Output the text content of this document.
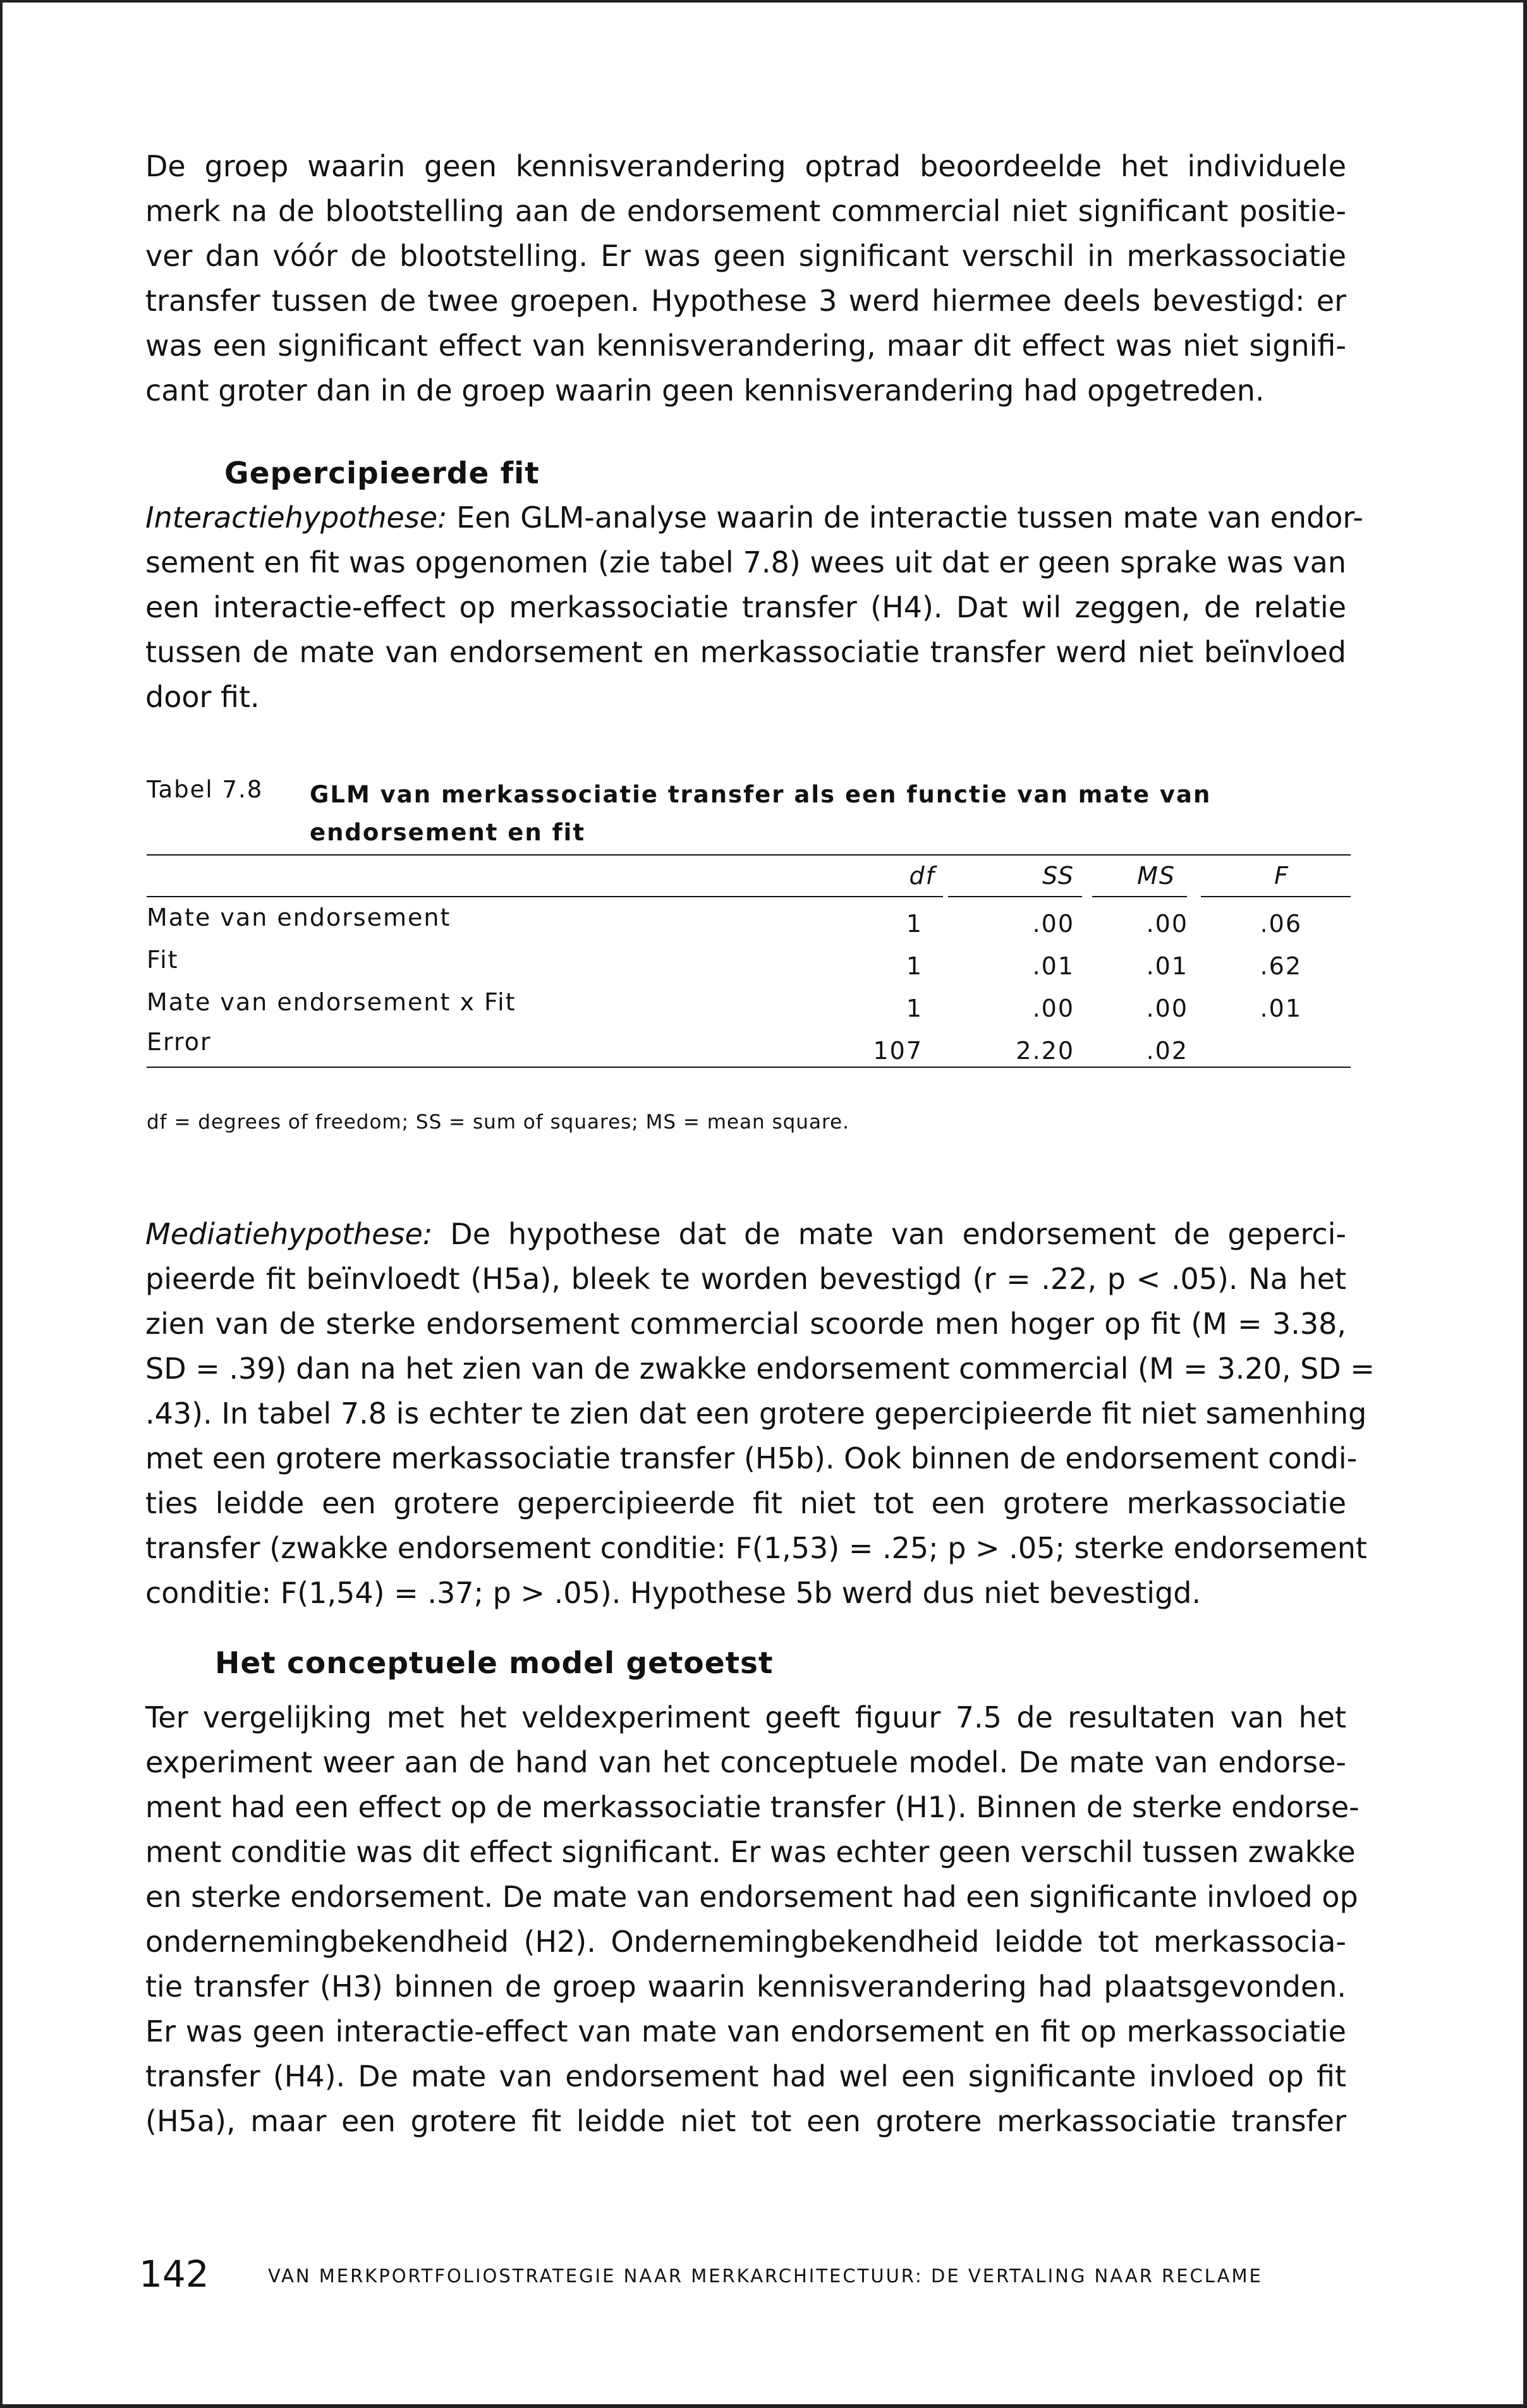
De groep waarin geen kennisverandering optrad beoordeelde het individuele
merk na de blootstelling aan de endorsement commercial niet significant positie-
ver dan vóór de blootstelling. Er was geen significant verschil in merkassociatie
transfer tussen de twee groepen. Hypothese 3 werd hiermee deels bevestigd: er
was een significant effect van kennisverandering, maar dit effect was niet signifi-
cant groter dan in de groep waarin geen kennisverandering had opgetreden.
Gepercipieerde fit
Interactiehypothese: Een GLM-analyse waarin de interactie tussen mate van endor-
sement en fit was opgenomen (zie tabel 7.8) wees uit dat er geen sprake was van
een interactie-effect op merkassociatie transfer (H4). Dat wil zeggen, de relatie
tussen de mate van endorsement en merkassociatie transfer werd niet beïnvloed
door fit.
Tabel 7.8 GLM van merkassociatie transfer als een functie van mate van endorsement en fit
df	SS	MS	F
Mate van endorsement	1	.00	.00	.06
Fit	1	.01	.01	.62
Mate van endorsement x Fit	1	.00	.00	.01
Error	107	2.20	.02
df = degrees of freedom; SS = sum of squares; MS = mean square.
Mediatiehypothese: De hypothese dat de mate van endorsement de geperci-
pieerde fit beïnvloedt (H5a), bleek te worden bevestigd (r = .22, p < .05). Na het
zien van de sterke endorsement commercial scoorde men hoger op fit (M = 3.38,
SD = .39) dan na het zien van de zwakke endorsement commercial (M = 3.20, SD =
.43). In tabel 7.8 is echter te zien dat een grotere gepercipieerde fit niet samenhing
met een grotere merkassociatie transfer (H5b). Ook binnen de endorsement condi-
ties leidde een grotere gepercipieerde fit niet tot een grotere merkassociatie
transfer (zwakke endorsement conditie: F(1,53) = .25; p > .05; sterke endorsement
conditie: F(1,54) = .37; p > .05). Hypothese 5b werd dus niet bevestigd.
Het conceptuele model getoetst
Ter vergelijking met het veldexperiment geeft figuur 7.5 de resultaten van het
experiment weer aan de hand van het conceptuele model. De mate van endorse-
ment had een effect op de merkassociatie transfer (H1). Binnen de sterke endorse-
ment conditie was dit effect significant. Er was echter geen verschil tussen zwakke
en sterke endorsement. De mate van endorsement had een significante invloed op
ondernemingbekendheid (H2). Ondernemingbekendheid leidde tot merkassocia-
tie transfer (H3) binnen de groep waarin kennisverandering had plaatsgevonden.
Er was geen interactie-effect van mate van endorsement en fit op merkassociatie
transfer (H4). De mate van endorsement had wel een significante invloed op fit
(H5a), maar een grotere fit leidde niet tot een grotere merkassociatie transfer
142	VAN MERKPORTFOLIOSTRATEGIE NAAR MERKARCHITECTUUR: DE VERTALING NAAR RECLAME
